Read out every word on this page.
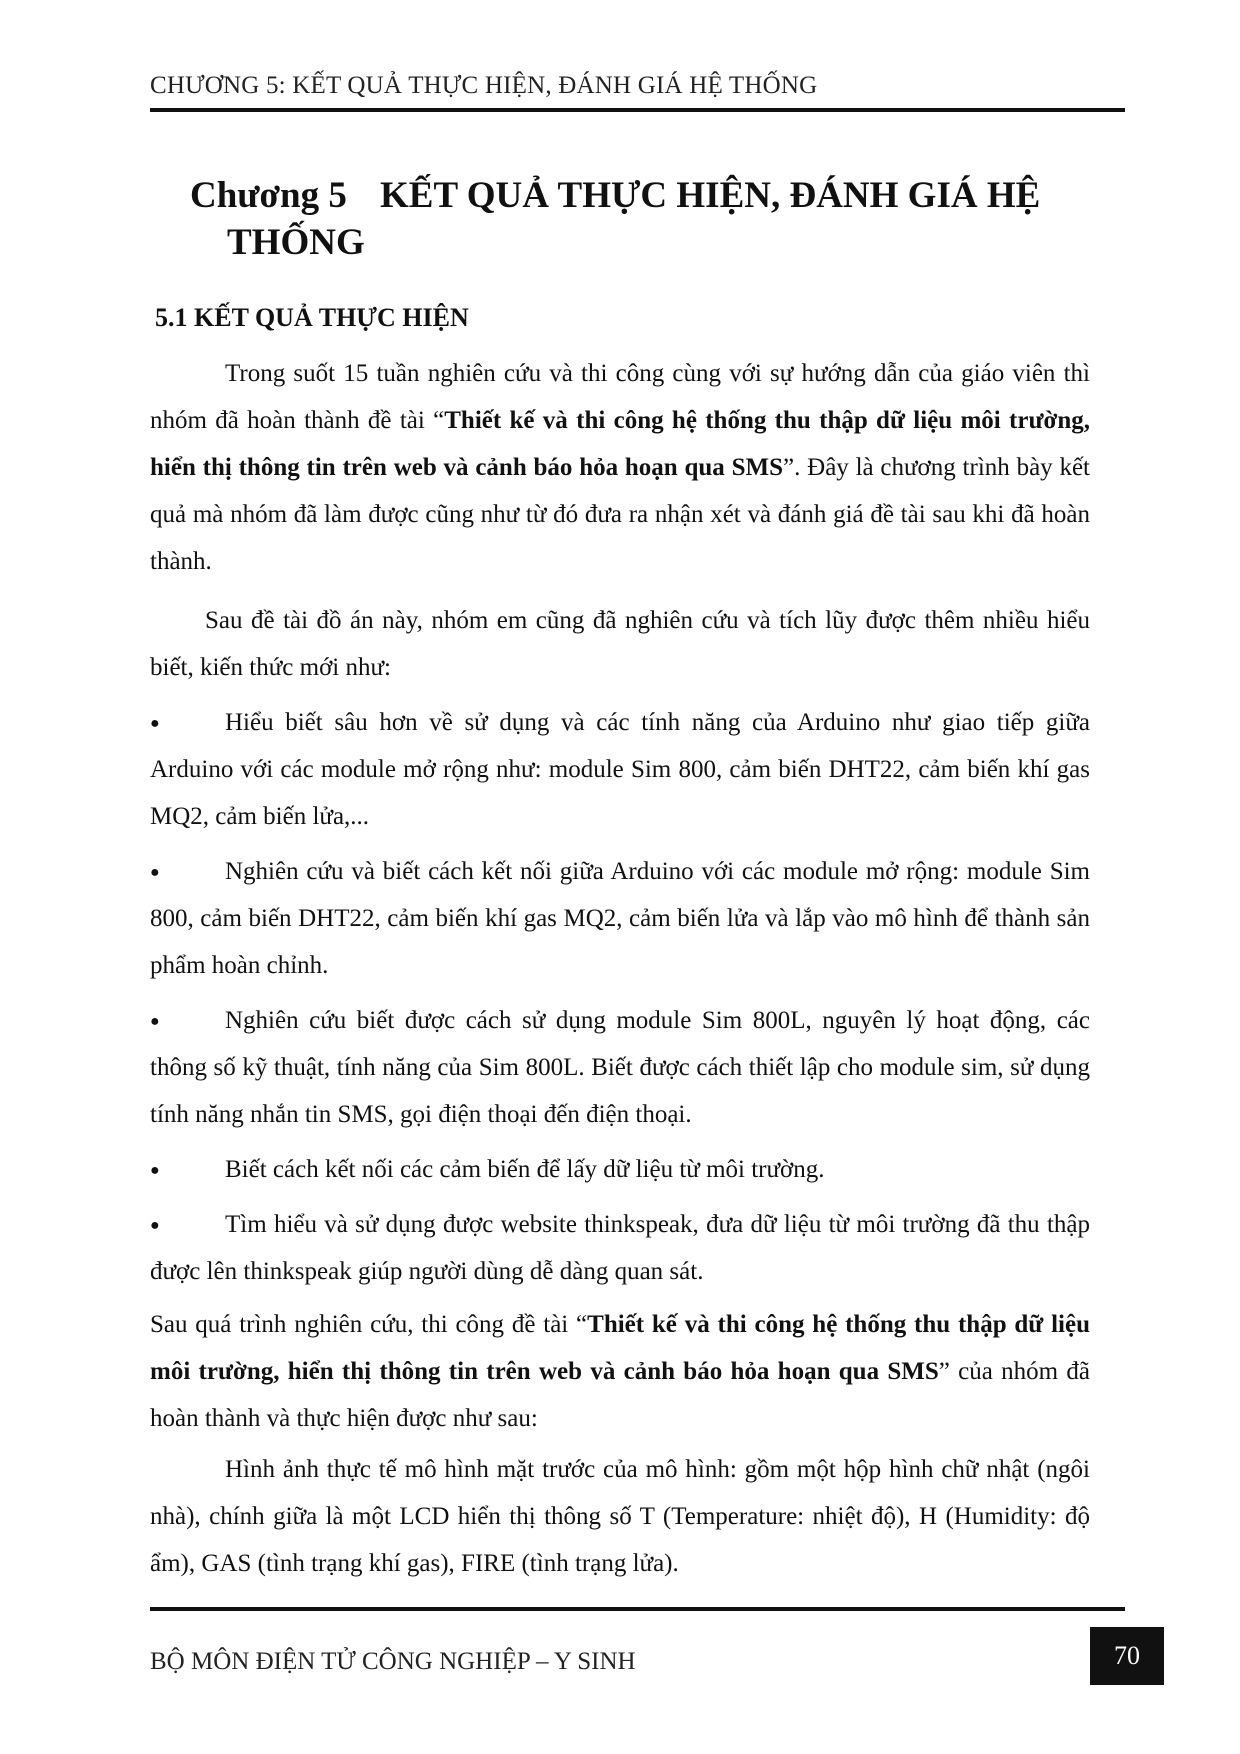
CHƯƠNG 5: KẾT QUẢ THỰC HIỆN, ĐÁNH GIÁ HỆ THỐNG
Chương 5 KẾT QUẢ THỰC HIỆN, ĐÁNH GIÁ HỆ
THỐNG
5.1 KẾT QUẢ THỰC HIỆN

Trong suốt 15 tuần nghiên cứu và thi công cùng với sự hướng dẫn của giáo viên thì nhóm đã hoàn thành đề tài “Thiết kế và thi công hệ thống thu thập dữ liệu môi trường, hiển thị thông tin trên web và cảnh báo hỏa hoạn qua SMS”. Đây là chương trình bày kết quả mà nhóm đã làm được cũng như từ đó đưa ra nhận xét và đánh giá đề tài sau khi đã hoàn thành.

Sau đề tài đồ án này, nhóm em cũng đã nghiên cứu và tích lũy được thêm nhiều hiểu biết, kiến thức mới như:

●	Hiểu biết sâu hơn về sử dụng và các tính năng của Arduino như giao tiếp giữa Arduino với các module mở rộng như: module Sim 800, cảm biến DHT22, cảm biến khí gas MQ2, cảm biến lửa,...

●	Nghiên cứu và biết cách kết nối giữa Arduino với các module mở rộng: module Sim 800, cảm biến DHT22, cảm biến khí gas MQ2, cảm biến lửa và lắp vào mô hình để thành sản phẩm hoàn chỉnh.

●	Nghiên cứu biết được cách sử dụng module Sim 800L, nguyên lý hoạt động, các thông số kỹ thuật, tính năng của Sim 800L. Biết được cách thiết lập cho module sim, sử dụng tính năng nhắn tin SMS, gọi điện thoại đến điện thoại.

●	Biết cách kết nối các cảm biến để lấy dữ liệu từ môi trường.

●	Tìm hiểu và sử dụng được website thinkspeak, đưa dữ liệu từ môi trường đã thu thập được lên thinkspeak giúp người dùng dễ dàng quan sát.

Sau quá trình nghiên cứu, thi công đề tài “Thiết kế và thi công hệ thống thu thập dữ liệu môi trường, hiển thị thông tin trên web và cảnh báo hỏa hoạn qua SMS” của nhóm đã hoàn thành và thực hiện được như sau:

Hình ảnh thực tế mô hình mặt trước của mô hình: gồm một hộp hình chữ nhật (ngôi nhà), chính giữa là một LCD hiển thị thông số T (Temperature: nhiệt độ), H (Humidity: độ ẩm), GAS (tình trạng khí gas), FIRE (tình trạng lửa).

BỘ MÔN ĐIỆN TỬ CÔNG NGHIỆP – Y SINH	70
